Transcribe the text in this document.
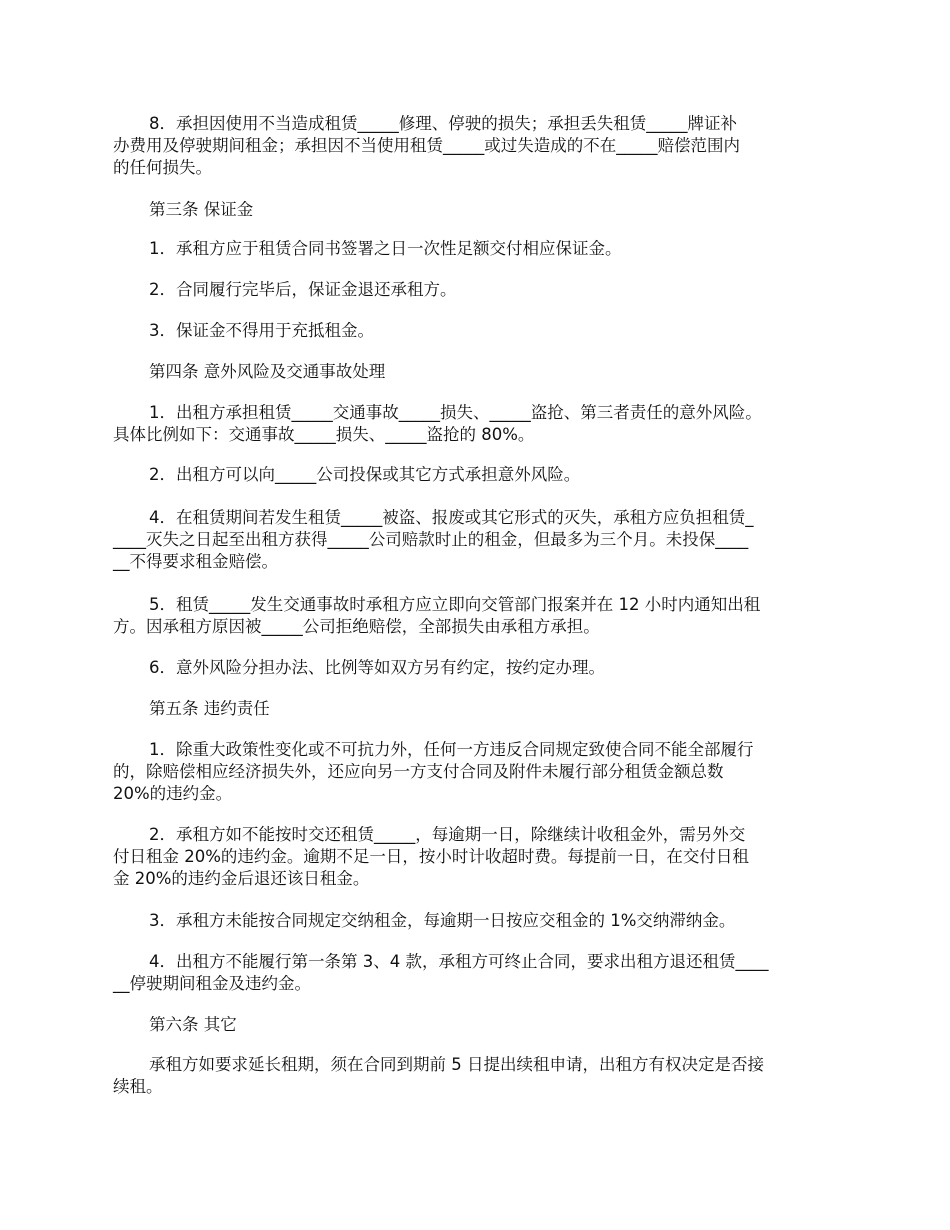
8．承担因使用不当造成租赁_____修理、停驶的损失；承担丢失租赁_____牌证补
办费用及停驶期间租金；承担因不当使用租赁_____或过失造成的不在_____赔偿范围内
的任何损失。
第三条 保证金
1．承租方应于租赁合同书签署之日一次性足额交付相应保证金。
2．合同履行完毕后，保证金退还承租方。
3．保证金不得用于充抵租金。
第四条 意外风险及交通事故处理
1．出租方承担租赁_____交通事故_____损失、_____盗抢、第三者责任的意外风险。
具体比例如下：交通事故_____损失、_____盗抢的 80%。
2．出租方可以向_____公司投保或其它方式承担意外风险。
4．在租赁期间若发生租赁_____被盗、报废或其它形式的灭失，承租方应负担租赁_
____灭失之日起至出租方获得_____公司赔款时止的租金，但最多为三个月。未投保____
__不得要求租金赔偿。
5．租赁_____发生交通事故时承租方应立即向交管部门报案并在 12 小时内通知出租
方。因承租方原因被_____公司拒绝赔偿，全部损失由承租方承担。
6．意外风险分担办法、比例等如双方另有约定，按约定办理。
第五条 违约责任
1．除重大政策性变化或不可抗力外，任何一方违反合同规定致使合同不能全部履行
的，除赔偿相应经济损失外，还应向另一方支付合同及附件未履行部分租赁金额总数
20%的违约金。
2．承租方如不能按时交还租赁_____，每逾期一日，除继续计收租金外，需另外交
付日租金 20%的违约金。逾期不足一日，按小时计收超时费。每提前一日，在交付日租
金 20%的违约金后退还该日租金。
3．承租方未能按合同规定交纳租金，每逾期一日按应交租金的 1%交纳滞纳金。
4．出租方不能履行第一条第 3、4 款，承租方可终止合同，要求出租方退还租赁____
__停驶期间租金及违约金。
第六条 其它
承租方如要求延长租期，须在合同到期前 5 日提出续租申请，出租方有权决定是否接
续租。
